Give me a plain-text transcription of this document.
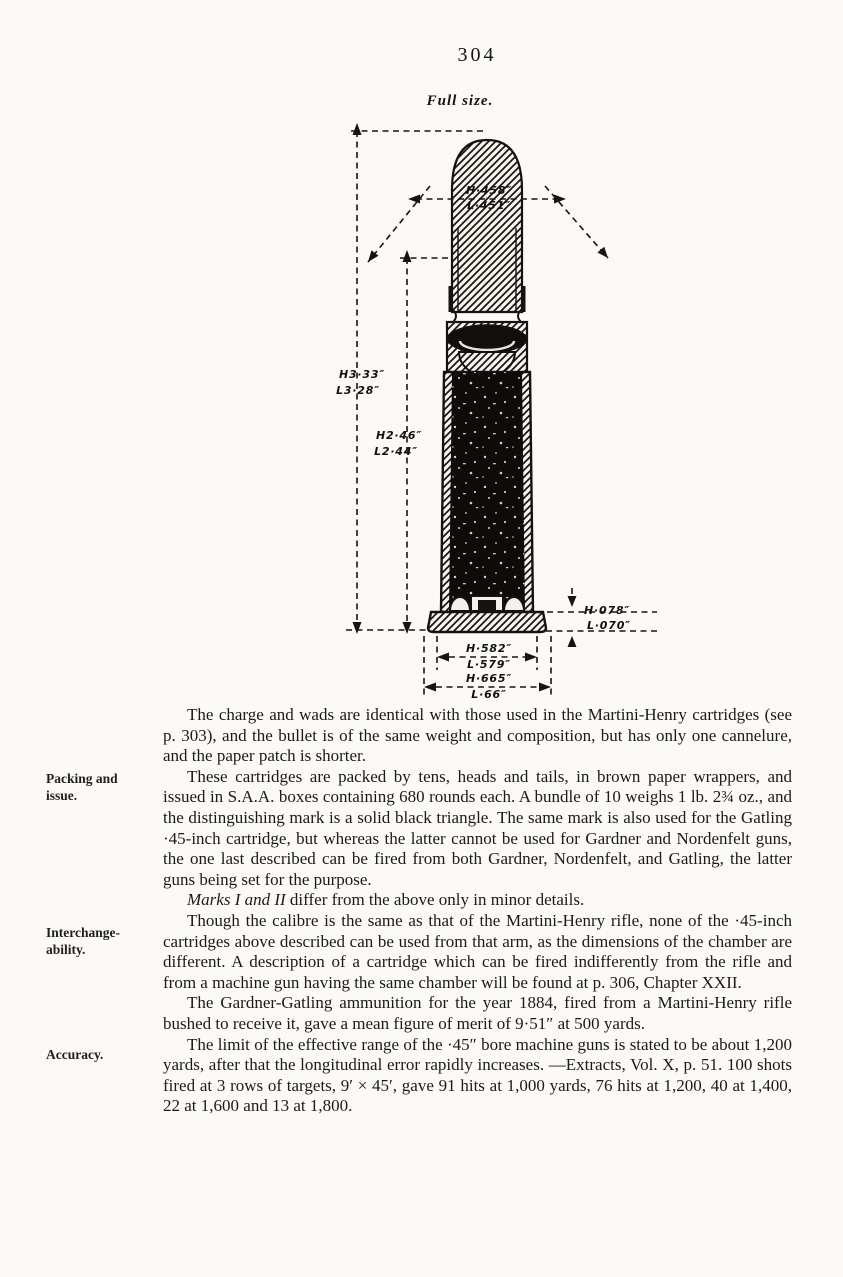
304
Full size.
H·458″
L·451″
H3·33″
L3·28″
H2·46″
L2·44″
H·078″
L·070″
H·582″
L·579″
H·665″
L·66″
Packing and
issue.
Interchange-
ability.
Accuracy.

The charge and wads are identical with those used in the Martini-Henry cartridges (see p. 303), and the bullet is of the same weight and composition, but has only one cannelure, and the paper patch is shorter.

These cartridges are packed by tens, heads and tails, in brown paper wrappers, and issued in S.A.A. boxes containing 680 rounds each. A bundle of 10 weighs 1 lb. 2¾ oz., and the distinguishing mark is a solid black triangle. The same mark is also used for the Gatling ·45-inch cartridge, but whereas the latter cannot be used for Gardner and Nordenfelt guns, the one last described can be fired from both Gardner, Nordenfelt, and Gatling, the latter guns being set for the purpose.

Marks I and II differ from the above only in minor details.

Though the calibre is the same as that of the Martini-Henry rifle, none of the ·45-inch cartridges above described can be used from that arm, as the dimensions of the chamber are different. A description of a cartridge which can be fired indifferently from the rifle and from a machine gun having the same chamber will be found at p. 306, Chapter XXII.

The Gardner-Gatling ammunition for the year 1884, fired from a Martini-Henry rifle bushed to receive it, gave a mean figure of merit of 9·51″ at 500 yards.

The limit of the effective range of the ·45″ bore machine guns is stated to be about 1,200 yards, after that the longitudinal error rapidly increases. —Extracts, Vol. X, p. 51. 100 shots fired at 3 rows of targets, 9′ × 45′, gave 91 hits at 1,000 yards, 76 hits at 1,200, 40 at 1,400, 22 at 1,600 and 13 at 1,800.
